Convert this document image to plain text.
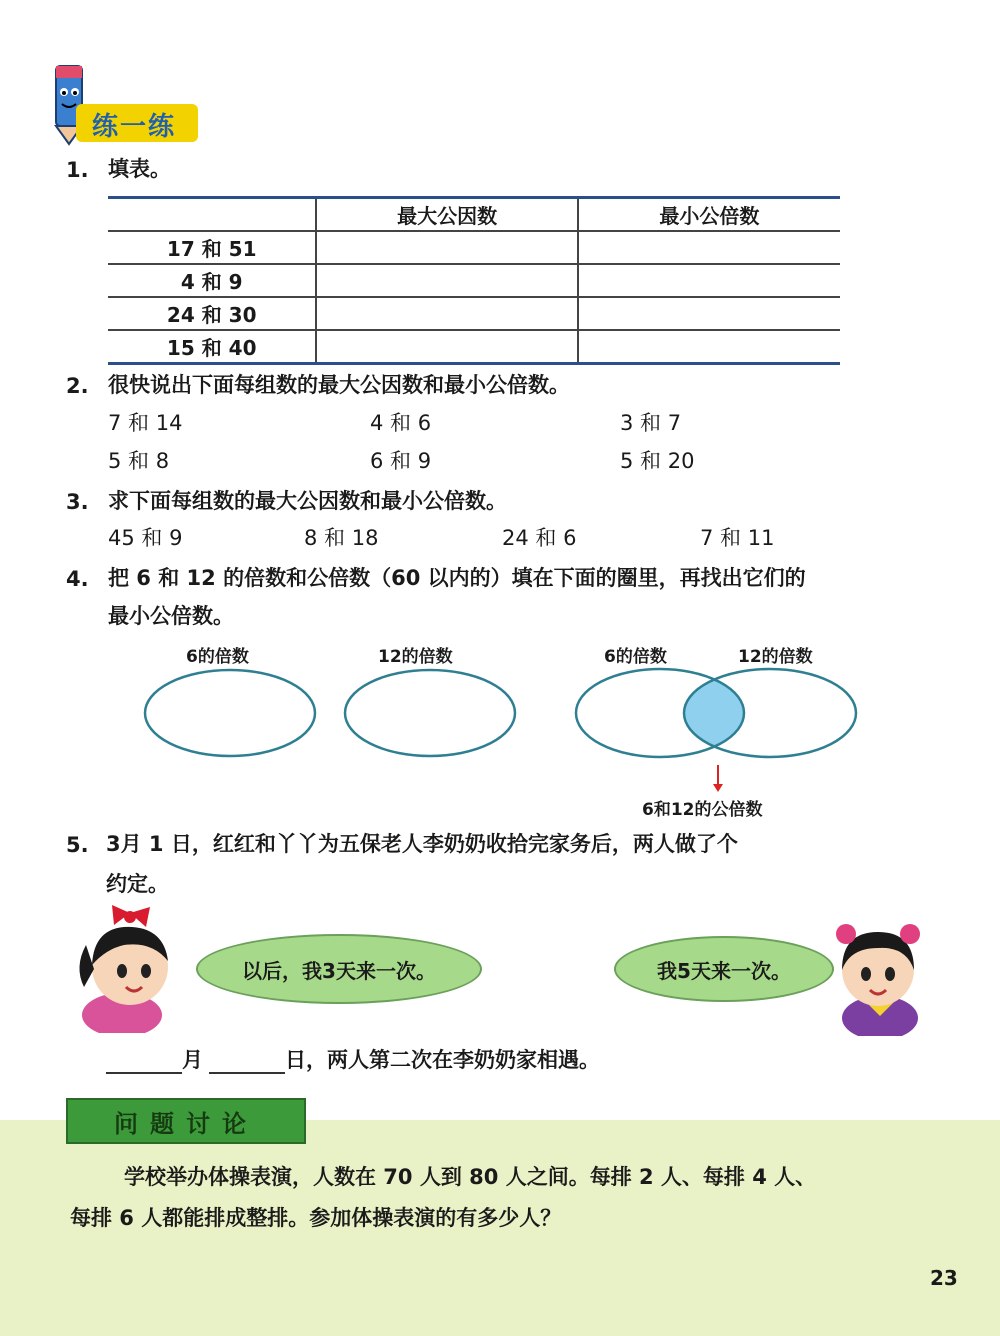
练一练
1. 填表。
	最大公因数	最小公倍数
17 和 51		
4 和 9		
24 和 30		
15 和 40		
2. 很快说出下面每组数的最大公因数和最小公倍数。
7 和 14	4 和 6	3 和 7
5 和 8	6 和 9	5 和 20
3. 求下面每组数的最大公因数和最小公倍数。
45 和 9	8 和 18	24 和 6	7 和 11
4. 把 6 和 12 的倍数和公倍数（60 以内的）填在下面的圈里，再找出它们的
最小公倍数。
6的倍数	12的倍数	6的倍数	12的倍数
6和12的公倍数
5. 3月 1 日，红红和丫丫为五保老人李奶奶收拾完家务后，两人做了个
约定。
以后，我3天来一次。	我5天来一次。
月	日，两人第二次在李奶奶家相遇。
问题讨论
学校举办体操表演，人数在 70 人到 80 人之间。每排 2 人、每排 4 人、
每排 6 人都能排成整排。参加体操表演的有多少人？
23
